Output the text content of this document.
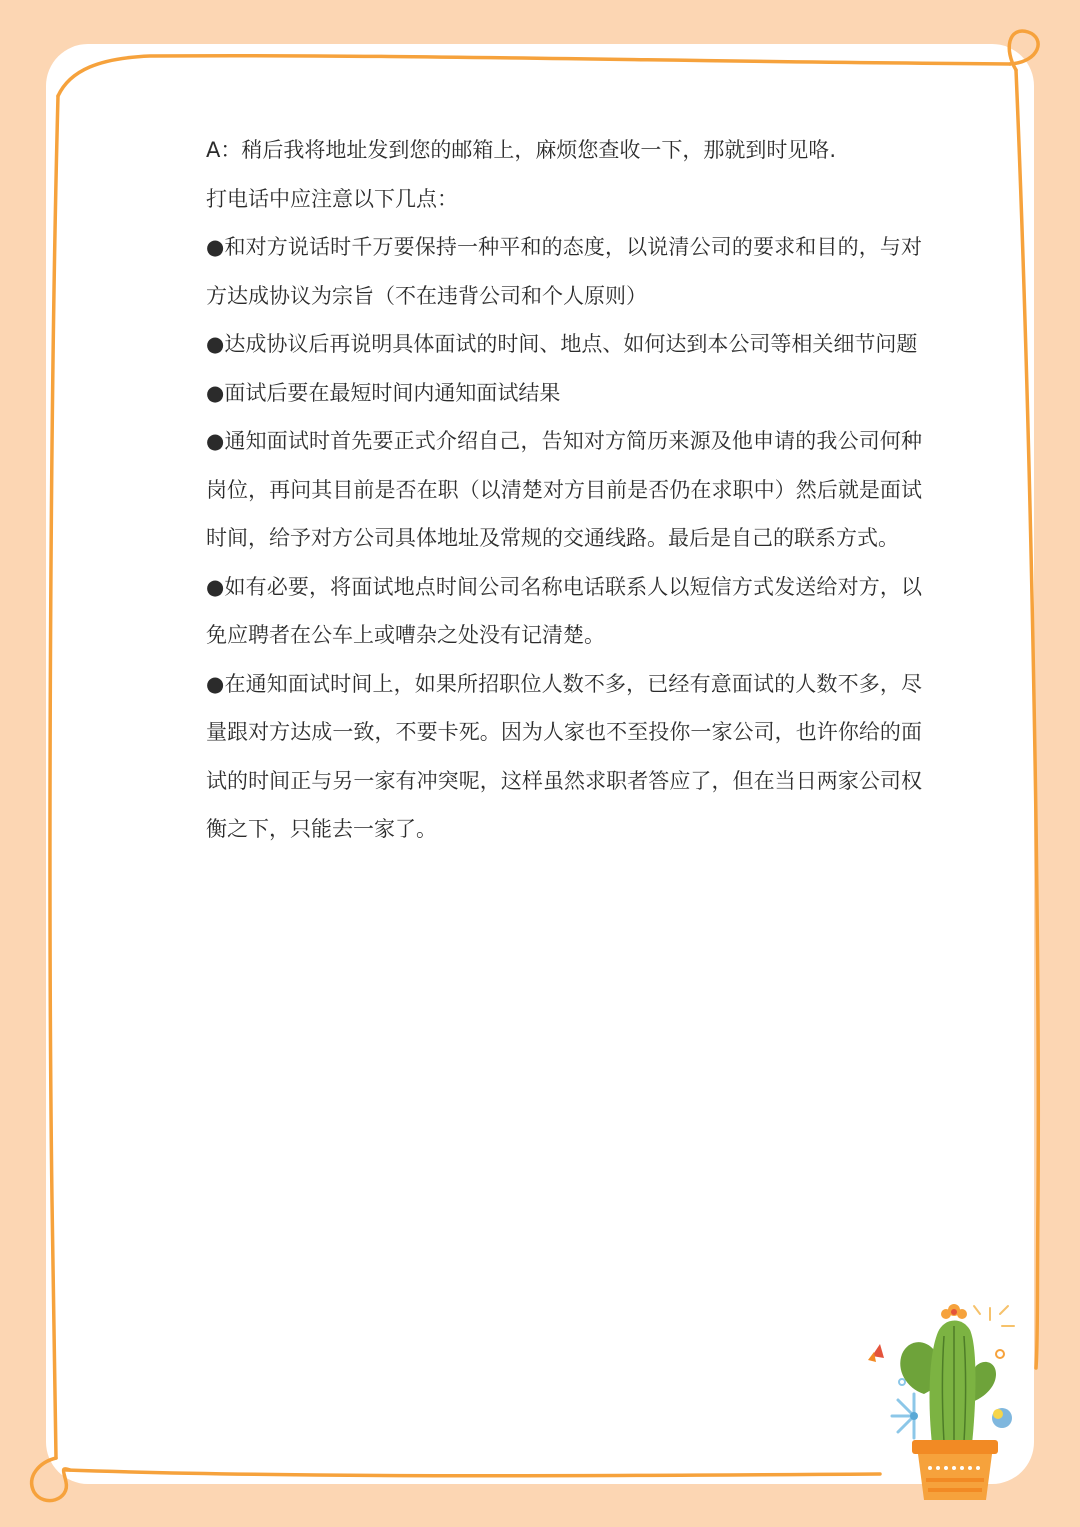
A：稍后我将地址发到您的邮箱上，麻烦您查收一下，那就到时见咯.

打电话中应注意以下几点：

●和对方说话时千万要保持一种平和的态度，以说清公司的要求和目的，与对方达成协议为宗旨（不在违背公司和个人原则）

●达成协议后再说明具体面试的时间、地点、如何达到本公司等相关细节问题

●面试后要在最短时间内通知面试结果

●通知面试时首先要正式介绍自己，告知对方简历来源及他申请的我公司何种岗位，再问其目前是否在职（以清楚对方目前是否仍在求职中）然后就是面试时间，给予对方公司具体地址及常规的交通线路。最后是自己的联系方式。

●如有必要，将面试地点时间公司名称电话联系人以短信方式发送给对方，以免应聘者在公车上或嘈杂之处没有记清楚。

●在通知面试时间上，如果所招职位人数不多，已经有意面试的人数不多，尽量跟对方达成一致，不要卡死。因为人家也不至投你一家公司，也许你给的面试的时间正与另一家有冲突呢，这样虽然求职者答应了，但在当日两家公司权衡之下，只能去一家了。
